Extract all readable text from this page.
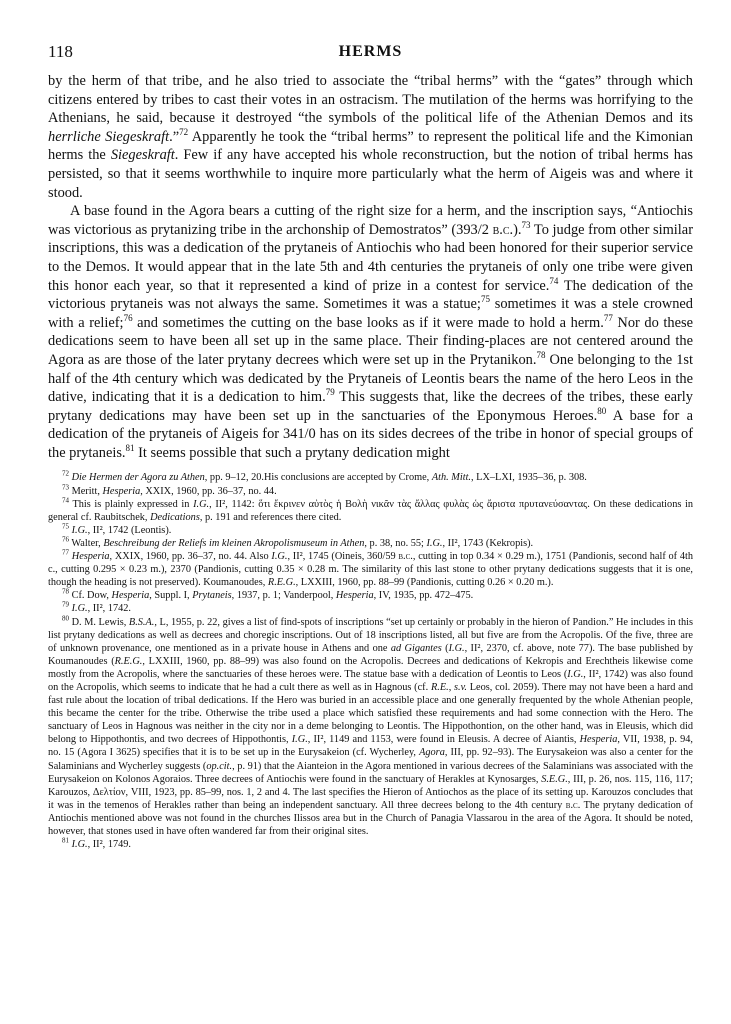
118	HERMS

by the herm of that tribe, and he also tried to associate the “tribal herms” with the “gates” through which citizens entered by tribes to cast their votes in an ostracism. The mutilation of the herms was horrifying to the Athenians, he said, because it destroyed “the symbols of the political life of the Athenian Demos and its herrliche Siegeskraft.”$^{72}$ Apparently he took the “tribal herms” to represent the political life and the Kimonian herms the Siegeskraft. Few if any have accepted his whole reconstruction, but the notion of tribal herms has persisted, so that it seems worthwhile to inquire more particularly what the herm of Aigeis was and where it stood.

A base found in the Agora bears a cutting of the right size for a herm, and the inscription says, “Antiochis was victorious as prytanizing tribe in the archonship of Demostratos” (393/2 b.c.).$^{73}$ To judge from other similar inscriptions, this was a dedication of the prytaneis of Antiochis who had been honored for their superior service to the Demos. It would appear that in the late 5th and 4th centuries the prytaneis of only one tribe were given this honor each year, so that it represented a kind of prize in a contest for service.$^{74}$ The dedication of the victorious prytaneis was not always the same. Sometimes it was a statue;$^{75}$ sometimes it was a stele crowned with a relief;$^{76}$ and sometimes the cutting on the base looks as if it were made to hold a herm.$^{77}$ Nor do these dedications seem to have been all set up in the same place. Their finding-places are not centered around the Agora as are those of the later prytany decrees which were set up in the Prytanikon.$^{78}$ One belonging to the 1st half of the 4th century which was dedicated by the Prytaneis of Leontis bears the name of the hero Leos in the dative, indicating that it is a dedication to him.$^{79}$ This suggests that, like the decrees of the tribes, these early prytany dedications may have been set up in the sanctuaries of the Eponymous Heroes.$^{80}$ A base for a dedication of the prytaneis of Aigeis for 341/0 has on its sides decrees of the tribe in honor of special groups of the prytaneis.$^{81}$ It seems possible that such a prytany dedication might

$^{72}$ Die Hermen der Agora zu Athen, pp. 9–12, 20.His conclusions are accepted by Crome, Ath. Mitt., LX–LXI, 1935–36, p. 308.

$^{73}$ Meritt, Hesperia, XXIX, 1960, pp. 36–37, no. 44.

$^{74}$ This is plainly expressed in I.G., II², 1142: ὅτι ἔκρινεν αὐτὸς ἡ Βολὴ νικᾶν τὰς ἄλλας φυλὰς ὡς ἄριστα πρυτανεύσαντας. On these dedications in general cf. Raubitschek, Dedications, p. 191 and references there cited.

$^{75}$ I.G., II², 1742 (Leontis).

$^{76}$ Walter, Beschreibung der Reliefs im kleinen Akropolismuseum in Athen, p. 38, no. 55; I.G., II², 1743 (Kekropis).

$^{77}$ Hesperia, XXIX, 1960, pp. 36–37, no. 44. Also I.G., II², 1745 (Oineis, 360/59 b.c., cutting in top 0.34 × 0.29 m.), 1751 (Pandionis, second half of 4th c., cutting 0.295 × 0.23 m.), 2370 (Pandionis, cutting 0.35 × 0.28 m. The similarity of this last stone to other prytany dedications suggests that it is one, though the heading is not preserved). Koumanoudes, R.E.G., LXXIII, 1960, pp. 88–99 (Pandionis, cutting 0.26 × 0.20 m.).

$^{78}$ Cf. Dow, Hesperia, Suppl. I, Prytaneis, 1937, p. 1; Vanderpool, Hesperia, IV, 1935, pp. 472–475.

$^{79}$ I.G., II², 1742.

$^{80}$ D. M. Lewis, B.S.A., L, 1955, p. 22, gives a list of find-spots of inscriptions “set up certainly or probably in the hieron of Pandion.” He includes in this list prytany dedications as well as decrees and choregic inscriptions. Out of 18 inscriptions listed, all but five are from the Acropolis. Of the five, three are of unknown provenance, one mentioned as in a private house in Athens and one ad Gigantes (I.G., II², 2370, cf. above, note 77). The base published by Koumanoudes (R.E.G., LXXIII, 1960, pp. 88–99) was also found on the Acropolis. Decrees and dedications of Kekropis and Erechtheis likewise come mostly from the Acropolis, where the sanctuaries of these heroes were. The statue base with a dedication of Leontis to Leos (I.G., II², 1742) was also found on the Acropolis, which seems to indicate that he had a cult there as well as in Hagnous (cf. R.E., s.v. Leos, col. 2059). There may not have been a hard and fast rule about the location of tribal dedications. If the Hero was buried in an accessible place and one generally frequented by the whole Athenian people, this became the center for the tribe. Otherwise the tribe used a place which satisfied these requirements and had some connection with the Hero. The sanctuary of Leos in Hagnous was neither in the city nor in a deme belonging to Leontis. The Hippothontion, on the other hand, was in Eleusis, which did belong to Hippothontis, and two decrees of Hippothontis, I.G., II², 1149 and 1153, were found in Eleusis. A decree of Aiantis, Hesperia, VII, 1938, p. 94, no. 15 (Agora I 3625) specifies that it is to be set up in the Eurysakeion (cf. Wycherley, Agora, III, pp. 92–93). The Eurysakeion was also a center for the Salaminians and Wycherley suggests (op.cit., p. 91) that the Aianteion in the Agora mentioned in various decrees of the Salaminians was associated with the Eurysakeion on Kolonos Agoraios. Three decrees of Antiochis were found in the sanctuary of Herakles at Kynosarges, S.E.G., III, p. 26, nos. 115, 116, 117; Karouzos, Δελτίον, VIII, 1923, pp. 85–99, nos. 1, 2 and 4. The last specifies the Hieron of Antiochos as the place of its setting up. Karouzos concludes that it was in the temenos of Herakles rather than being an independent sanctuary. All three decrees belong to the 4th century b.c. The prytany dedication of Antiochis mentioned above was not found in the churches Ilissos area but in the Church of Panagia Vlassarou in the area of the Agora. It should be noted, however, that stones used in have often wandered far from their original sites.

$^{81}$ I.G., II², 1749.
